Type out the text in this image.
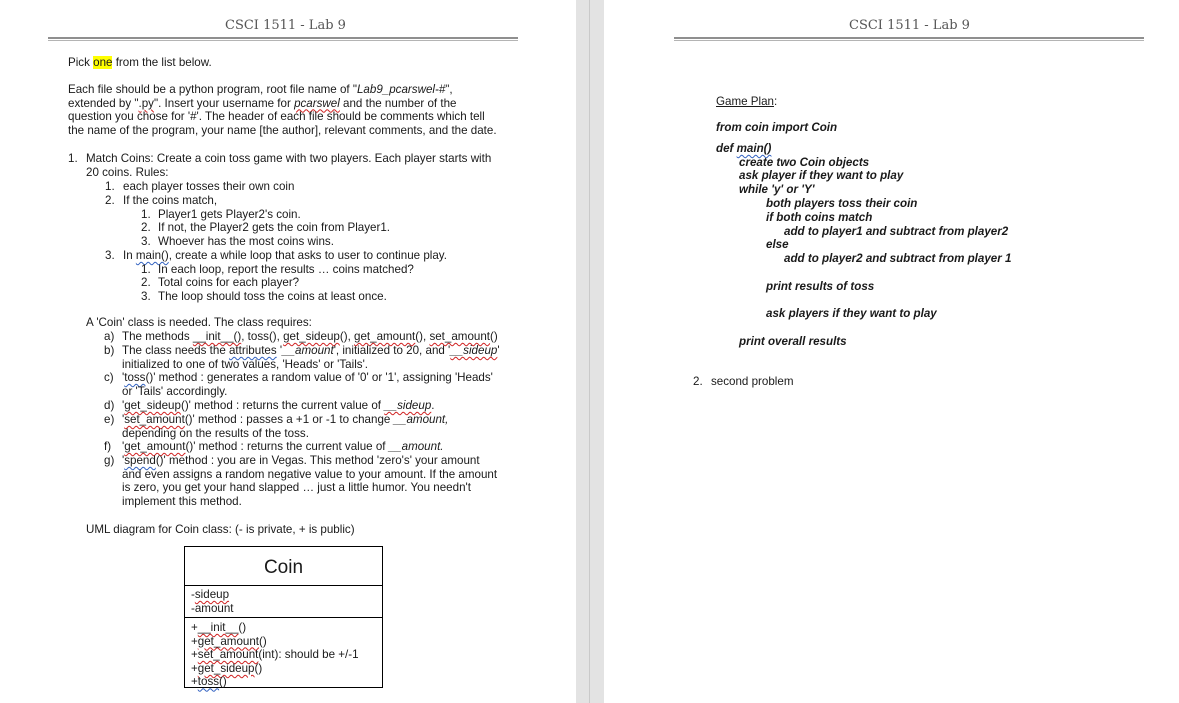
CSCI 1511 - Lab 9
Pick one from the list below.
Each file should be a python program, root file name of "Lab9_pcarswel-#",
extended by ".py". Insert your username for pcarswel and the number of the
question you chose for '#'. The header of each file should be comments which tell
the name of the program, your name [the author], relevant comments, and the date.
1. Match Coins: Create a coin toss game with two players. Each player starts with
20 coins. Rules:
1. each player tosses their own coin
2. If the coins match,
1. Player1 gets Player2's coin.
2. If not, the Player2 gets the coin from Player1.
3. Whoever has the most coins wins.
3. In main(), create a while loop that asks to user to continue play.
1. In each loop, report the results … coins matched?
2. Total coins for each player?
3. The loop should toss the coins at least once.
A 'Coin' class is needed. The class requires:
a) The methods __init__(), toss(), get_sideup(), get_amount(), set_amount()
b) The class needs the attributes '__amount', initialized to 20, and '__sideup'
initialized to one of two values, 'Heads' or 'Tails'.
c) 'toss()' method : generates a random value of '0' or '1', assigning 'Heads'
or 'Tails' accordingly.
d) 'get_sideup()' method : returns the current value of __sideup.
e) 'set_amount()' method : passes a +1 or -1 to change __amount,
depending on the results of the toss.
f) 'get_amount()' method : returns the current value of __amount.
g) 'spend()' method : you are in Vegas. This method 'zero's' your amount
and even assigns a random negative value to your amount. If the amount
is zero, you get your hand slapped … just a little humor. You needn't
implement this method.
UML diagram for Coin class: (- is private, + is public)
Coin
-sideup
-amount
+__init__()
+get_amount()
+set_amount(int): should be +/-1
+get_sideup()
+toss()
CSCI 1511 - Lab 9
Game Plan:
from coin import Coin
def main()
create two Coin objects
ask player if they want to play
while 'y' or 'Y'
both players toss their coin
if both coins match
add to player1 and subtract from player2
else
add to player2 and subtract from player 1
print results of toss
ask players if they want to play
print overall results
2. second problem
